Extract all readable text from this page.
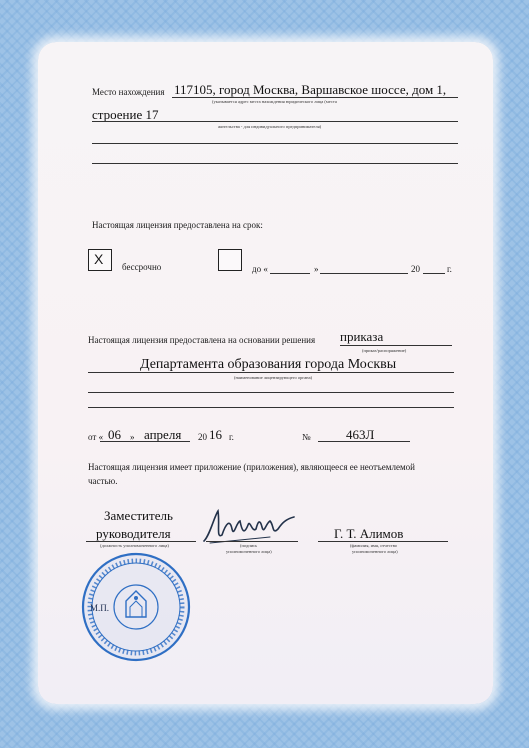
Место нахождения 117105, город Москва, Варшавское шоссе, дом 1,
(указывается адрес места нахождения юридического лица (места
строение 17
жительства - для индивидуального предпринимателя)
Настоящая лицензия предоставлена на срок:
X бессрочно	до «	»	20	г.
Настоящая лицензия предоставлена на основании решения приказа
(приказ/распоряжение)
Департамента образования города Москвы
(наименование лицензирующего органа)
от « 06 » апреля 20 16 г.	№	463Л
Настоящая лицензия имеет приложение (приложения), являющееся ее неотъемлемой
частью.
Заместитель
руководителя
(должность уполномоченного лица)	(подпись
уполномоченного лица)
Г. Т. Алимов
(фамилия, имя, отчество
уполномоченного лица)
М.П.
